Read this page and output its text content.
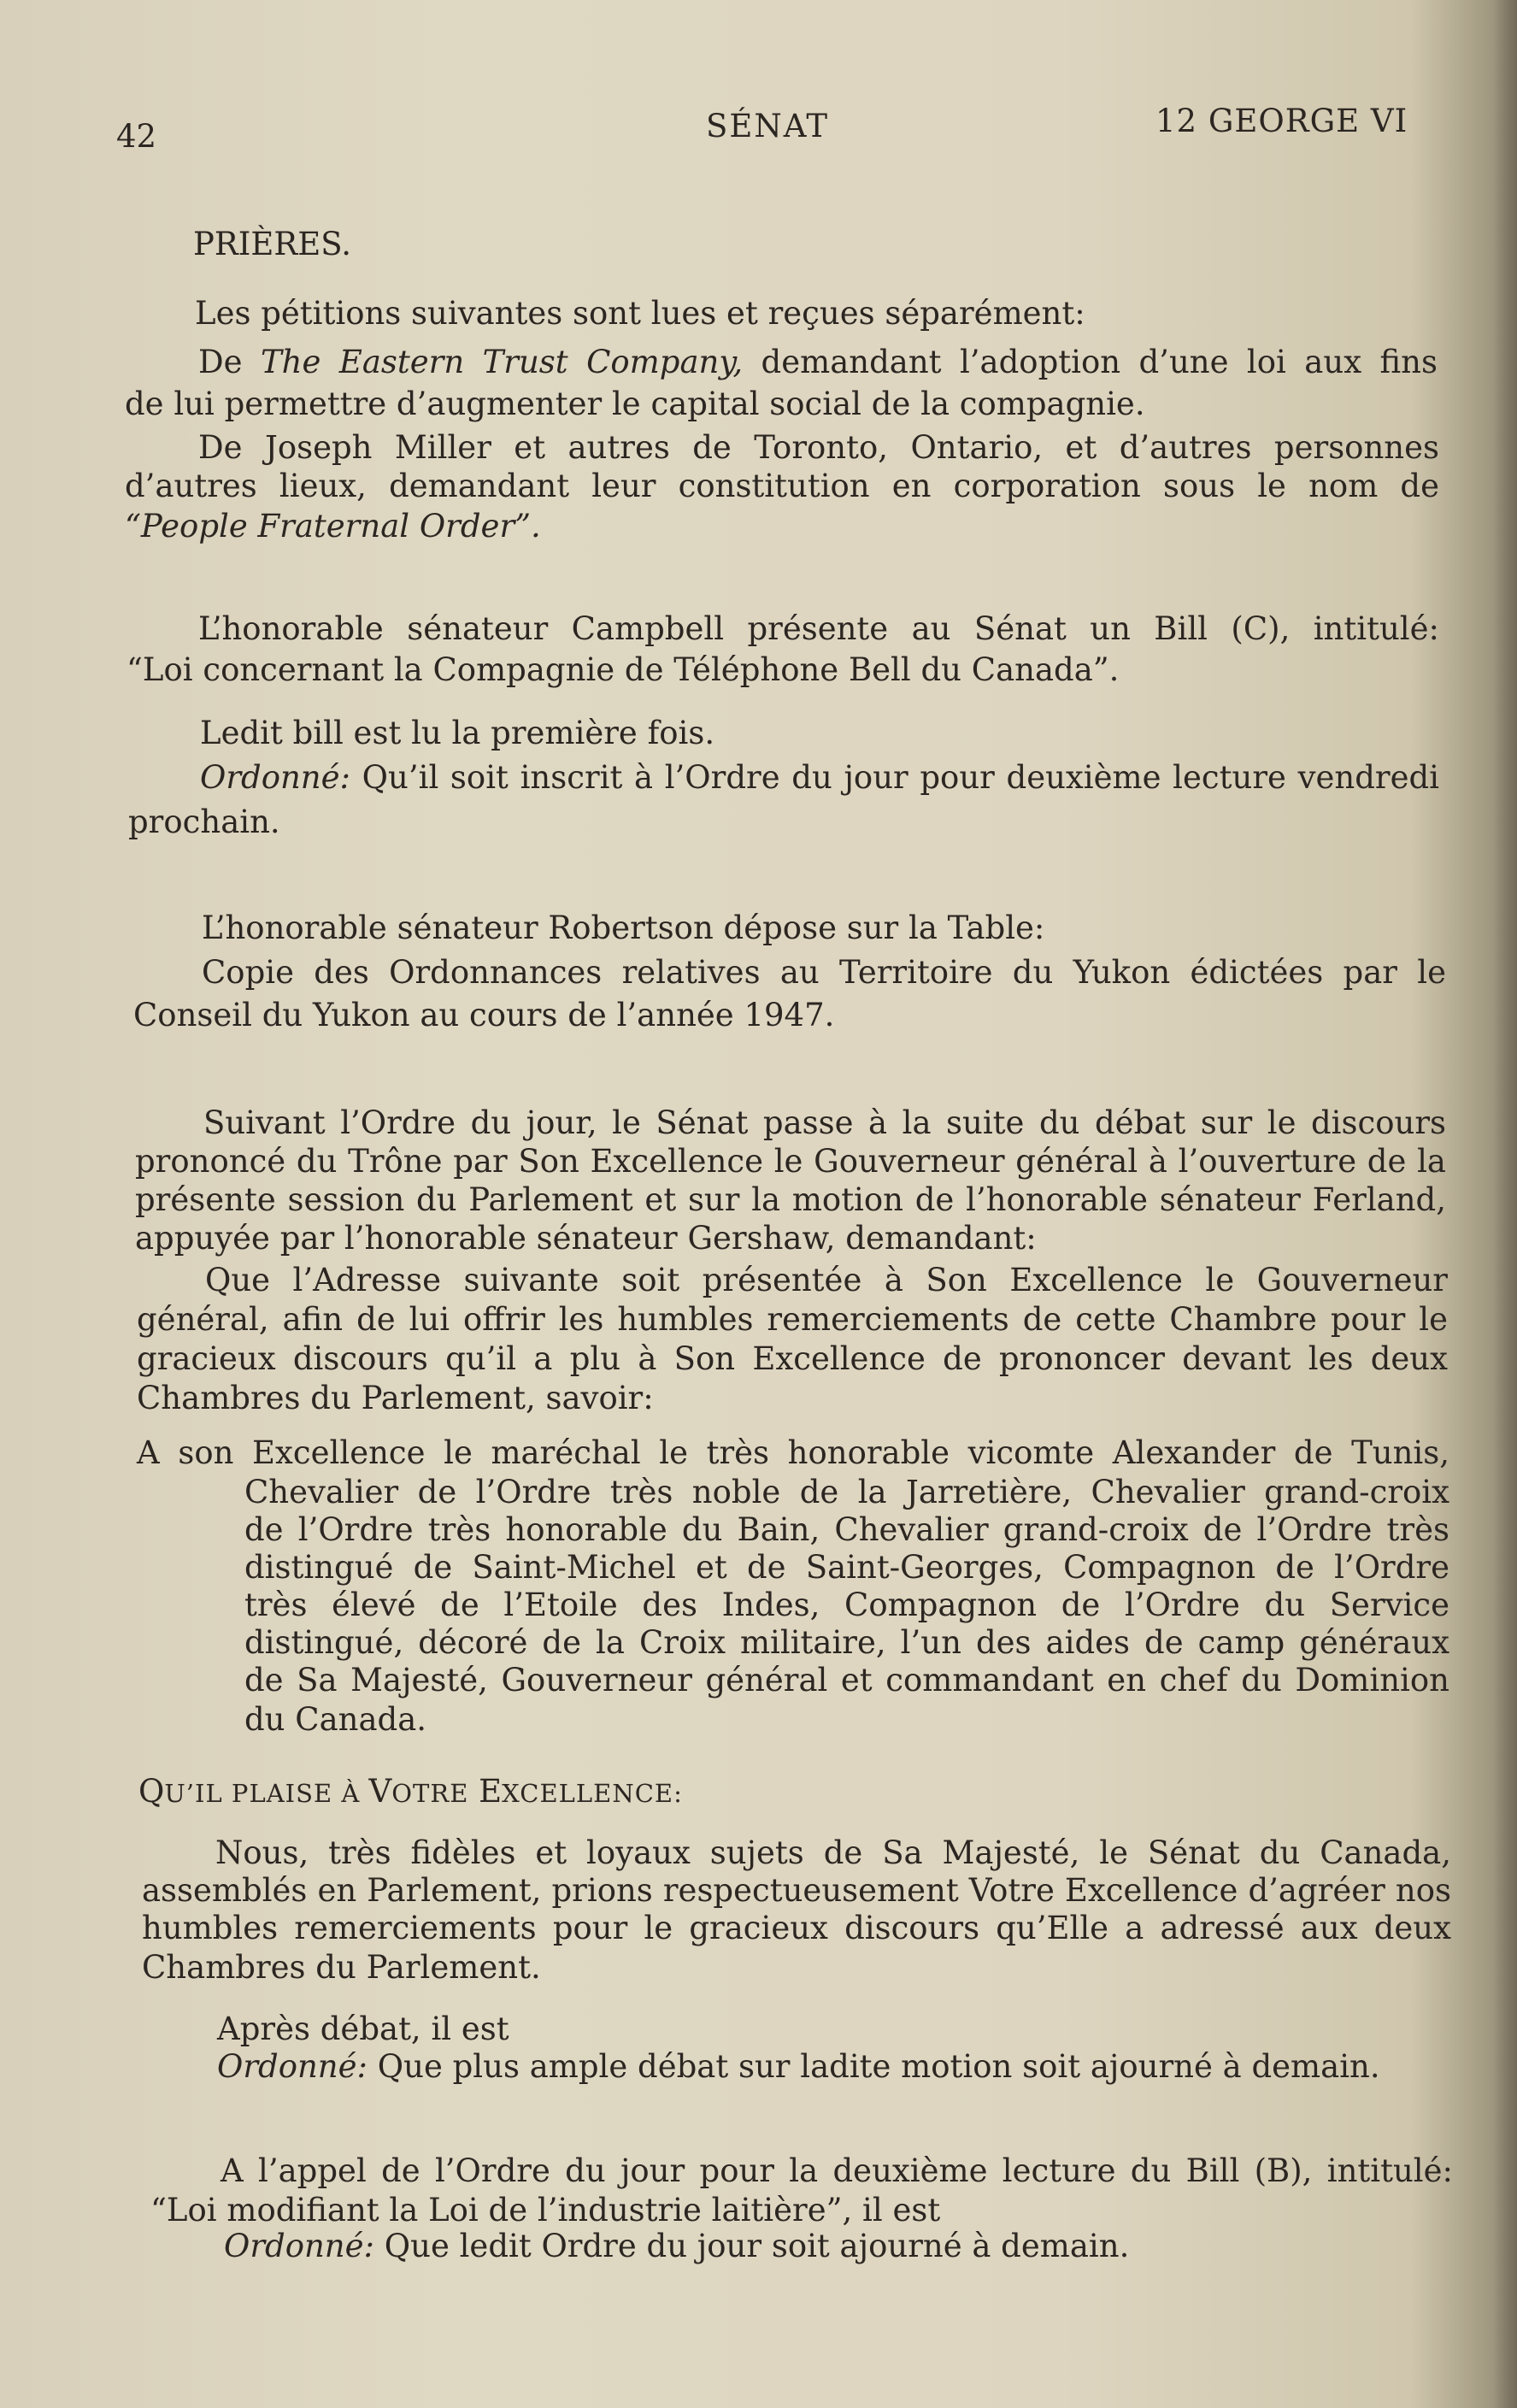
42	SÉNAT	12 GEORGE VI
PRIÈRES.
Les pétitions suivantes sont lues et reçues séparément:
De The Eastern Trust Company, demandant l’adoption d’une loi aux fins
de lui permettre d’augmenter le capital social de la compagnie.
De Joseph Miller et autres de Toronto, Ontario, et d’autres personnes
d’autres lieux, demandant leur constitution en corporation sous le nom de
“People Fraternal Order”.
L’honorable sénateur Campbell présente au Sénat un Bill (C), intitulé:
“Loi concernant la Compagnie de Téléphone Bell du Canada”.
Ledit bill est lu la première fois.
Ordonné: Qu’il soit inscrit à l’Ordre du jour pour deuxième lecture vendredi
prochain.
L’honorable sénateur Robertson dépose sur la Table:
Copie des Ordonnances relatives au Territoire du Yukon édictées par le
Conseil du Yukon au cours de l’année 1947.
Suivant l’Ordre du jour, le Sénat passe à la suite du débat sur le discours
prononcé du Trône par Son Excellence le Gouverneur général à l’ouverture de la
présente session du Parlement et sur la motion de l’honorable sénateur Ferland,
appuyée par l’honorable sénateur Gershaw, demandant:
Que l’Adresse suivante soit présentée à Son Excellence le Gouverneur
général, afin de lui offrir les humbles remerciements de cette Chambre pour le
gracieux discours qu’il a plu à Son Excellence de prononcer devant les deux
Chambres du Parlement, savoir:
A son Excellence le maréchal le très honorable vicomte Alexander de Tunis,
Chevalier de l’Ordre très noble de la Jarretière, Chevalier grand-croix
de l’Ordre très honorable du Bain, Chevalier grand-croix de l’Ordre très
distingué de Saint-Michel et de Saint-Georges, Compagnon de l’Ordre
très élevé de l’Etoile des Indes, Compagnon de l’Ordre du Service
distingué, décoré de la Croix militaire, l’un des aides de camp généraux
de Sa Majesté, Gouverneur général et commandant en chef du Dominion
du Canada.
QU’IL PLAISE À VOTRE EXCELLENCE:
Nous, très fidèles et loyaux sujets de Sa Majesté, le Sénat du Canada,
assemblés en Parlement, prions respectueusement Votre Excellence d’agréer nos
humbles remerciements pour le gracieux discours qu’Elle a adressé aux deux
Chambres du Parlement.
Après débat, il est
Ordonné: Que plus ample débat sur ladite motion soit ajourné à demain.
A l’appel de l’Ordre du jour pour la deuxième lecture du Bill (B), intitulé:
“Loi modifiant la Loi de l’industrie laitière”, il est
Ordonné: Que ledit Ordre du jour soit ajourné à demain.
